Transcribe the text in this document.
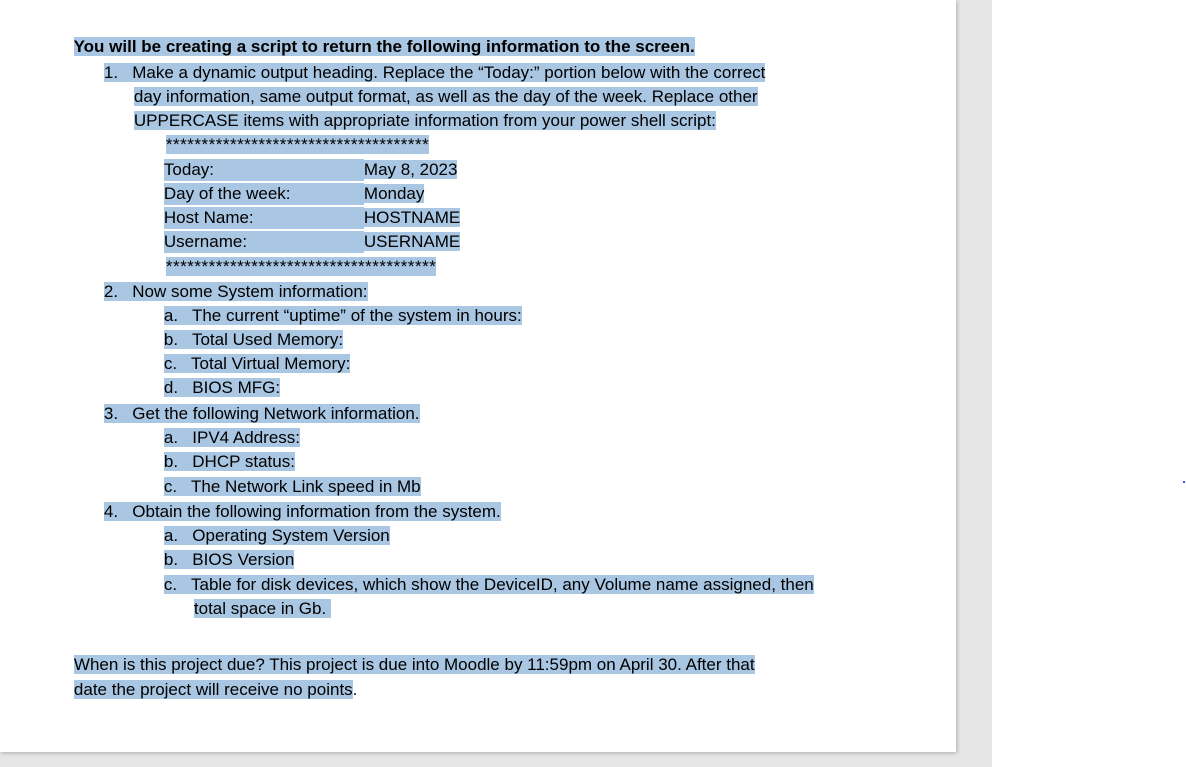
You will be creating a script to return the following information to the screen.

1. Make a dynamic output heading. Replace the “Today:” portion below with the correct

day information, same output format, as well as the day of the week. Replace other

UPPERCASE items with appropriate information from your power shell script:

*************************************

Today:	May 8, 2023

Day of the week:	Monday

Host Name:	HOSTNAME

Username:	USERNAME

**************************************

2. Now some System information:

a. The current “uptime” of the system in hours:

b. Total Used Memory:

c. Total Virtual Memory:

d. BIOS MFG:

3. Get the following Network information.

a. IPV4 Address:

b. DHCP status:

c. The Network Link speed in Mb

4. Obtain the following information from the system.

a. Operating System Version

b. BIOS Version

c. Table for disk devices, which show the DeviceID, any Volume name assigned, then

total space in Gb.

When is this project due? This project is due into Moodle by 11:59pm on April 30. After that

date the project will receive no points.
